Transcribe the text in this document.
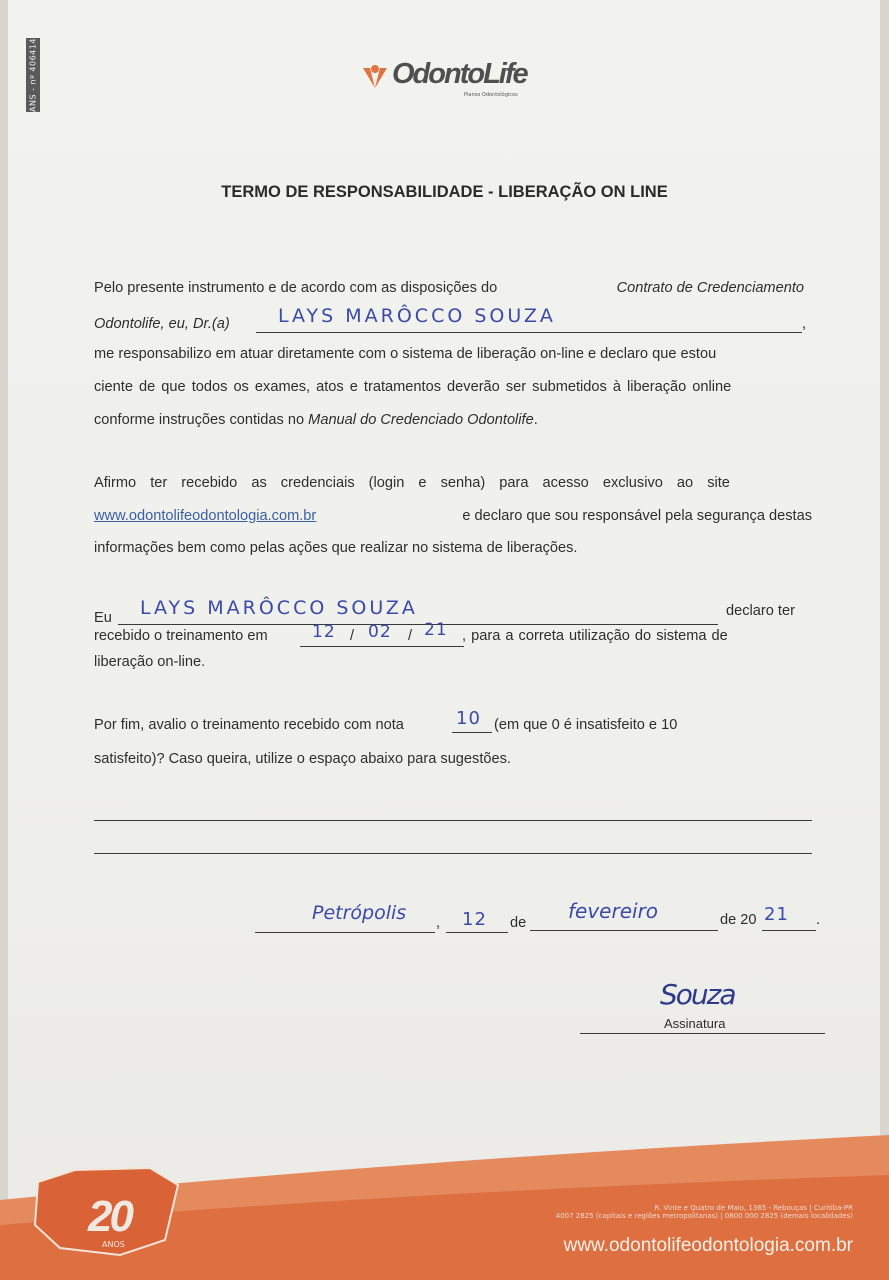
ANS - nº 406414	OdontoLife
Planos Odontológicos
TERMO DE RESPONSABILIDADE - LIBERAÇÃO ON LINE
Pelo presente instrumento e de acordo com as disposições do	Contrato de Credenciamento
Odontolife, eu, Dr.(a)	,
LAYS MARÔCCO SOUZA
me responsabilizo em atuar diretamente com o sistema de liberação on-line e declaro que estou
ciente de que todos os exames, atos e tratamentos deverão ser submetidos à liberação online
conforme instruções contidas no Manual do Credenciado Odontolife.
Afirmo ter recebido as credenciais (login e senha) para acesso exclusivo ao site
www.odontolifeodontologia.com.br	e declaro que sou responsável pela segurança destas
informações bem como pelas ações que realizar no sistema de liberações.
Eu LAYS MARÔCCO SOUZA	declaro ter
recebido o treinamento em	12 / 02 / 21 , para a correta utilização do sistema de
liberação on-line.
Por fim, avalio o treinamento recebido com nota	10 (em que 0 é insatisfeito e 10
satisfeito)? Caso queira, utilize o espaço abaixo para sugestões.
Petrópolis , 12 de fevereiro	de 20 21 .
Souza
Assinatura
20
ANOS
R. Vinte e Quatro de Maio, 1365 - Rebouças | Curitiba-PR
4007 2825 (capitais e regiões metropolitanas) | 0800 000 2825 (demais localidades)
www.odontolifeodontologia.com.br
